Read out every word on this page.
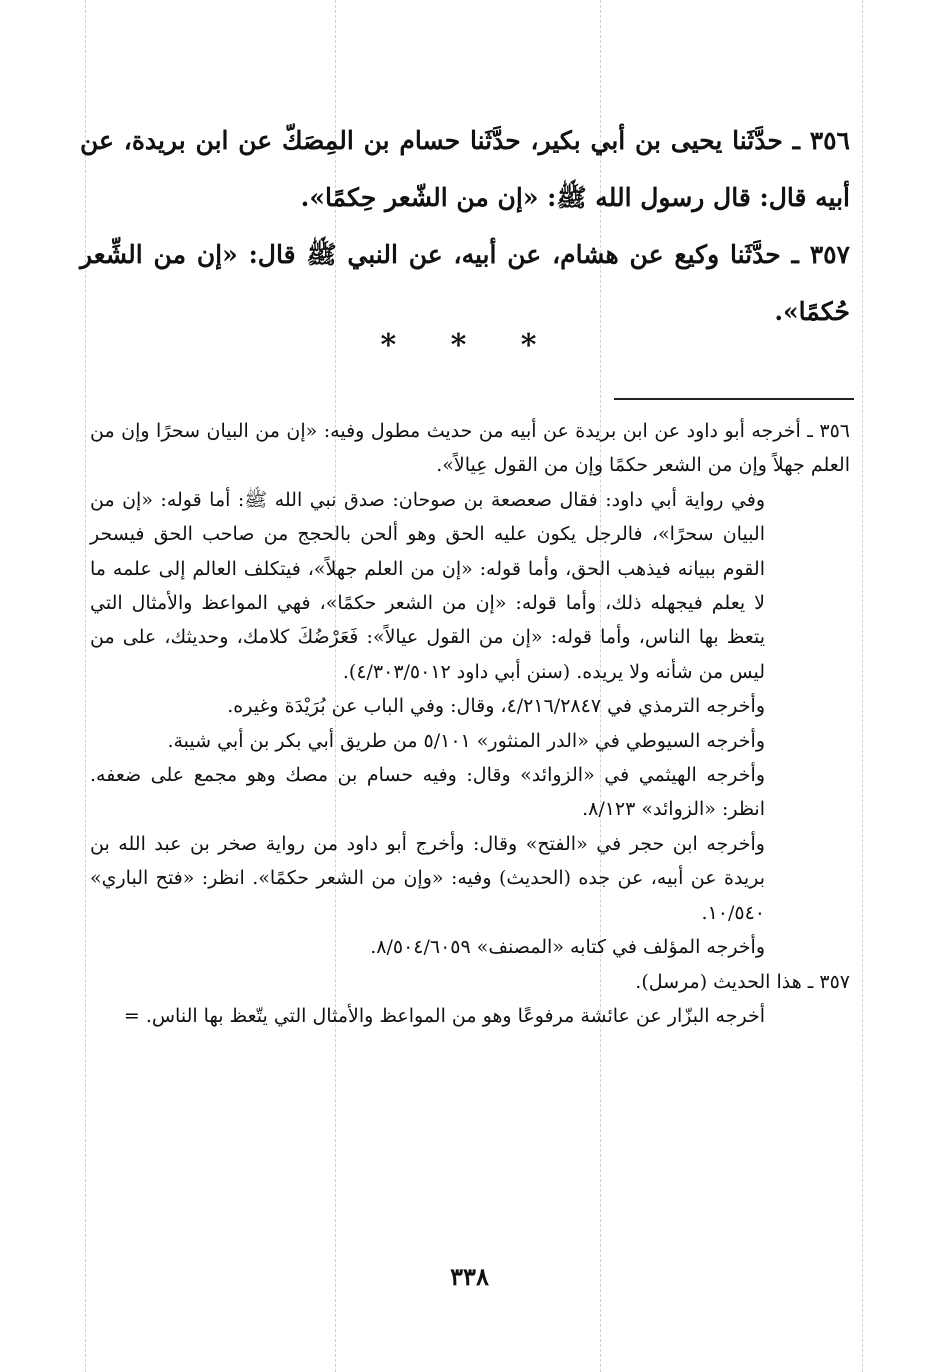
٣٥٦ ـ حدَّثَنا يحيى بن أبي بكير، حدَّثَنا حسام بن المِصَكّ عن ابن بريدة، عن أبيه قال: قال رسول الله ﷺ: «إن من الشّعر حِكمًا».

٣٥٧ ـ حدَّثَنا وكيع عن هشام، عن أبيه، عن النبي ﷺ قال: «إن من الشِّعر حُكمًا».

* * *

٣٥٦ ـ أخرجه أبو داود عن ابن بريدة عن أبيه من حديث مطول وفيه: «إن من البيان سحرًا وإن من العلم جهلاً وإن من الشعر حكمًا وإن من القول عِيالاً».

وفي رواية أبي داود: فقال صعصعة بن صوحان: صدق نبي الله ﷺ: أما قوله: «إن من البيان سحرًا»، فالرجل يكون عليه الحق وهو ألحن بالحجج من صاحب الحق فيسحر القوم ببيانه فيذهب الحق، وأما قوله: «إن من العلم جهلاً»، فيتكلف العالم إلى علمه ما لا يعلم فيجهله ذلك، وأما قوله: «إن من الشعر حكمًا»، فهي المواعظ والأمثال التي يتعظ بها الناس، وأما قوله: «إن من القول عيالاً»: فَعَرْضُكَ كلامك، وحديثك، على من ليس من شأنه ولا يريده. (سنن أبي داود ٤/٣٠٣/٥٠١٢).

وأخرجه الترمذي في ٤/٢١٦/٢٨٤٧، وقال: وفي الباب عن بُرَيْدَة وغيره.

وأخرجه السيوطي في «الدر المنثور» ٥/١٠١ من طريق أبي بكر بن أبي شيبة.

وأخرجه الهيثمي في «الزوائد» وقال: وفيه حسام بن مصك وهو مجمع على ضعفه. انظر: «الزوائد» ٨/١٢٣.

وأخرجه ابن حجر في «الفتح» وقال: وأخرج أبو داود من رواية صخر بن عبد الله بن بريدة عن أبيه، عن جده (الحديث) وفيه: «وإن من الشعر حكمًا». انظر: «فتح الباري» ١٠/٥٤٠.

وأخرجه المؤلف في كتابه «المصنف» ٨/٥٠٤/٦٠٥٩.

٣٥٧ ـ هذا الحديث (مرسل).

أخرجه البزّار عن عائشة مرفوعًا وهو من المواعظ والأمثال التي يتّعظ بها الناس. =

٣٣٨
